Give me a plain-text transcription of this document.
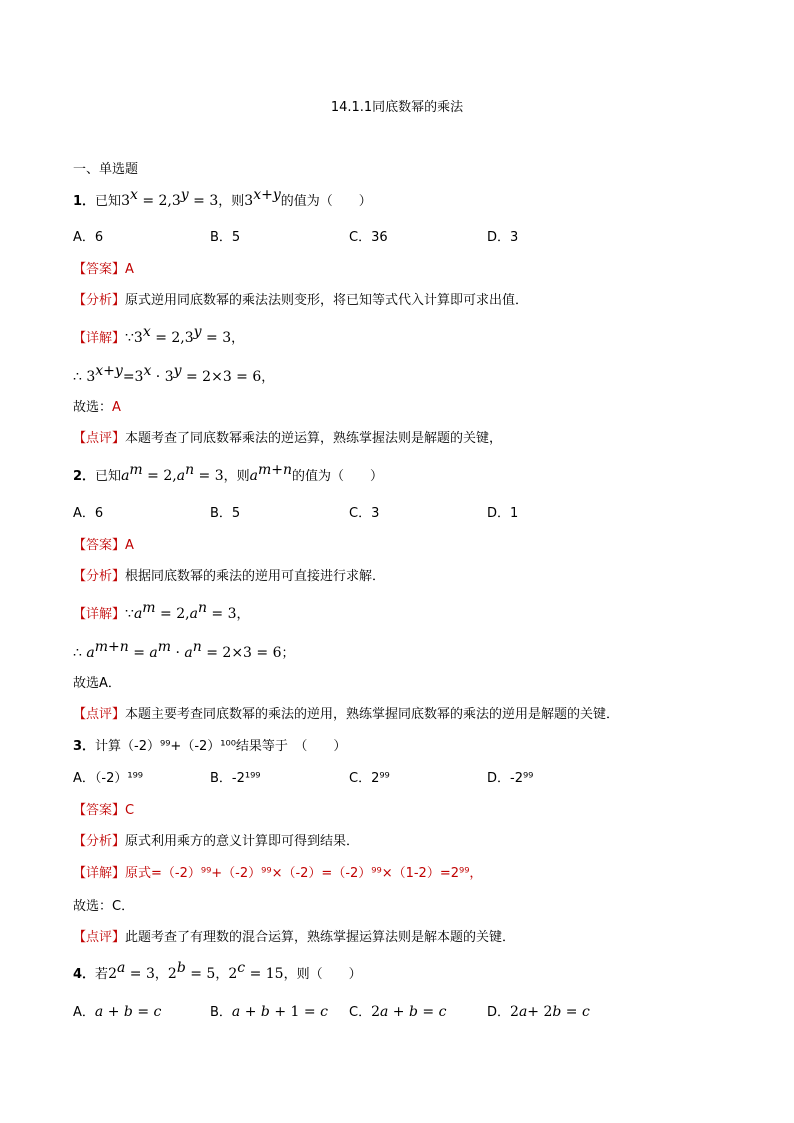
14.1.1同底数幂的乘法
一、单选题
1．已知$3^x = 2,3^y = 3$，则$3^{x+y}$的值为（　　）
A．6	B．5	C．36	D．3
【答案】A
【分析】原式逆用同底数幂的乘法法则变形，将已知等式代入计算即可求出值．
【详解】$\because 3^x = 2,3^y = 3$，
∴ $3^{x+y}=3^x \cdot 3^y = 2\times 3 = 6$，
故选：A
【点评】本题考查了同底数幂乘法的逆运算，熟练掌握法则是解题的关键，
2．已知$a^m = 2,a^n = 3$，则$a^{m+n}$的值为（　　）
A．6	B．5	C．3	D．1
【答案】A
【分析】根据同底数幂的乘法的逆用可直接进行求解．
【详解】$\because a^m = 2,a^n = 3$，
∴ $a^{m+n} = a^m \cdot a^n = 2\times 3 = 6$；
故选A．
【点评】本题主要考查同底数幂的乘法的逆用，熟练掌握同底数幂的乘法的逆用是解题的关键．
3．计算（-2）⁹⁹+（-2）¹⁰⁰结果等于　（　　）
A．（-2）¹⁹⁹	B．-2¹⁹⁹	C．2⁹⁹	D．-2⁹⁹
【答案】C
【分析】原式利用乘方的意义计算即可得到结果．
【详解】原式=（-2）⁹⁹+（-2）⁹⁹×（-2）=（-2）⁹⁹×（1-2）=2⁹⁹，
故选：C．
【点评】此题考查了有理数的混合运算，熟练掌握运算法则是解本题的关键．
4．若$2^a = 3$，$2^b = 5$，$2^c = 15$，则（　　）
A．a + b = c	B．a + b + 1 = c C．2a + b = c	D．2a+ 2b = c
